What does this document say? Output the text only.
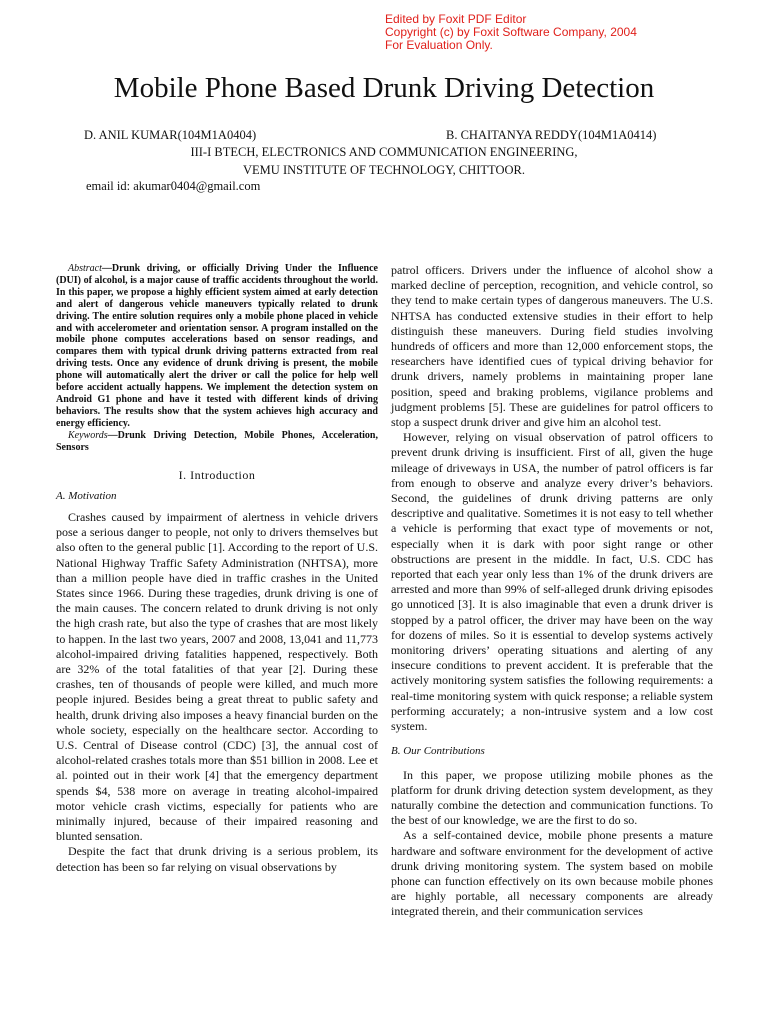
Edited by Foxit PDF Editor
Copyright (c) by Foxit Software Company, 2004
For Evaluation Only.
Mobile Phone Based Drunk Driving Detection
D. ANIL KUMAR(104M1A0404)	B. CHAITANYA REDDY(104M1A0414)
III-I BTECH, ELECTRONICS AND COMMUNICATION ENGINEERING,
VEMU INSTITUTE OF TECHNOLOGY, CHITTOOR.
email id: akumar0404@gmail.com

Abstract—Drunk driving, or officially Driving Under the Influence (DUI) of alcohol, is a major cause of traffic accidents throughout the world. In this paper, we propose a highly efficient system aimed at early detection and alert of dangerous vehicle maneuvers typically related to drunk driving. The entire solution requires only a mobile phone placed in vehicle and with accelerometer and orientation sensor. A program installed on the mobile phone computes accelerations based on sensor readings, and compares them with typical drunk driving patterns extracted from real driving tests. Once any evidence of drunk driving is present, the mobile phone will automatically alert the driver or call the police for help well before accident actually happens. We implement the detection system on Android G1 phone and have it tested with different kinds of driving behaviors. The results show that the system achieves high accuracy and energy efficiency.

Keywords—Drunk Driving Detection, Mobile Phones, Acceleration, Sensors

I. Introduction
A. Motivation

Crashes caused by impairment of alertness in vehicle drivers pose a serious danger to people, not only to drivers themselves but also often to the general public [1]. According to the report of U.S. National Highway Traffic Safety Administration (NHTSA), more than a million people have died in traffic crashes in the United States since 1966. During these tragedies, drunk driving is one of the main causes. The concern related to drunk driving is not only the high crash rate, but also the type of crashes that are most likely to happen. In the last two years, 2007 and 2008, 13,041 and 11,773 alcohol-impaired driving fatalities happened, respectively. Both are 32% of the total fatalities of that year [2]. During these crashes, ten of thousands of people were killed, and much more people injured. Besides being a great threat to public safety and health, drunk driving also imposes a heavy financial burden on the whole society, especially on the healthcare sector. According to U.S. Central of Disease control (CDC) [3], the annual cost of alcohol-related crashes totals more than $51 billion in 2008. Lee et al. pointed out in their work [4] that the emergency department spends $4, 538 more on average in treating alcohol-impaired motor vehicle crash victims, especially for patients who are minimally injured, because of their impaired reasoning and blunted sensation.

Despite the fact that drunk driving is a serious problem, its detection has been so far relying on visual observations by

patrol officers. Drivers under the influence of alcohol show a marked decline of perception, recognition, and vehicle control, so they tend to make certain types of dangerous maneuvers. The U.S. NHTSA has conducted extensive studies in their effort to help distinguish these maneuvers. During field studies involving hundreds of officers and more than 12,000 enforcement stops, the researchers have identified cues of typical driving behavior for drunk drivers, namely problems in maintaining proper lane position, speed and braking problems, vigilance problems and judgment problems [5]. These are guidelines for patrol officers to stop a suspect drunk driver and give him an alcohol test.

However, relying on visual observation of patrol officers to prevent drunk driving is insufficient. First of all, given the huge mileage of driveways in USA, the number of patrol officers is far from enough to observe and analyze every driver’s behaviors. Second, the guidelines of drunk driving patterns are only descriptive and qualitative. Sometimes it is not easy to tell whether a vehicle is performing that exact type of movements or not, especially when it is dark with poor sight range or other obstructions are present in the middle. In fact, U.S. CDC has reported that each year only less than 1% of the drunk drivers are arrested and more than 99% of self-alleged drunk driving episodes go unnoticed [3]. It is also imaginable that even a drunk driver is stopped by a patrol officer, the driver may have been on the way for dozens of miles. So it is essential to develop systems actively monitoring drivers’ operating situations and alerting of any insecure conditions to prevent accident. It is preferable that the actively monitoring system satisfies the following requirements: a real-time monitoring system with quick response; a reliable system performing accurately; a non-intrusive system and a low cost system.

B. Our Contributions

In this paper, we propose utilizing mobile phones as the platform for drunk driving detection system development, as they naturally combine the detection and communication functions. To the best of our knowledge, we are the first to do so.

As a self-contained device, mobile phone presents a mature hardware and software environment for the development of active drunk driving monitoring system. The system based on mobile phone can function effectively on its own because mobile phones are highly portable, all necessary components are already integrated therein, and their communication services
